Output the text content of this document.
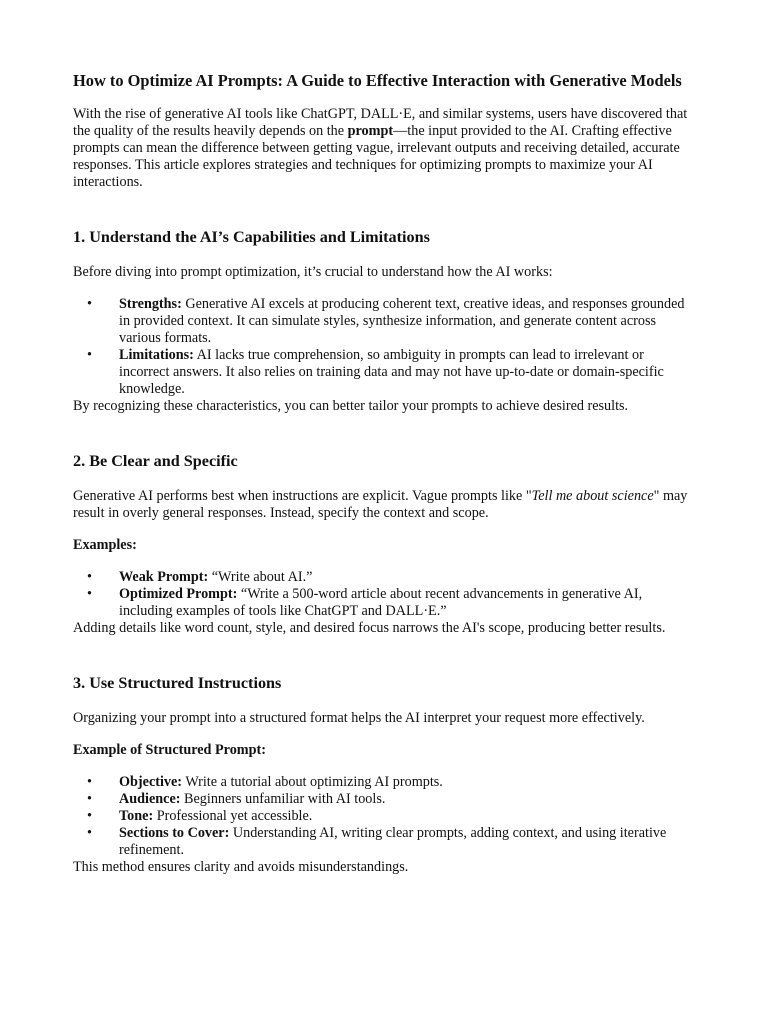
How to Optimize AI Prompts: A Guide to Effective Interaction with Generative Models

With the rise of generative AI tools like ChatGPT, DALL·E, and similar systems, users have discovered that the quality of the results heavily depends on the prompt—the input provided to the AI. Crafting effective prompts can mean the difference between getting vague, irrelevant outputs and receiving detailed, accurate responses. This article explores strategies and techniques for optimizing prompts to maximize your AI interactions.

1. Understand the AI’s Capabilities and Limitations

Before diving into prompt optimization, it’s crucial to understand how the AI works:

• Strengths: Generative AI excels at producing coherent text, creative ideas, and responses grounded in provided context. It can simulate styles, synthesize information, and generate content across various formats.
• Limitations: AI lacks true comprehension, so ambiguity in prompts can lead to irrelevant or incorrect answers. It also relies on training data and may not have up-to-date or domain-specific knowledge.

By recognizing these characteristics, you can better tailor your prompts to achieve desired results.

2. Be Clear and Specific

Generative AI performs best when instructions are explicit. Vague prompts like "Tell me about science" may result in overly general responses. Instead, specify the context and scope.

Examples:

• Weak Prompt: “Write about AI.”
• Optimized Prompt: “Write a 500-word article about recent advancements in generative AI, including examples of tools like ChatGPT and DALL·E.”

Adding details like word count, style, and desired focus narrows the AI's scope, producing better results.

3. Use Structured Instructions

Organizing your prompt into a structured format helps the AI interpret your request more effectively.

Example of Structured Prompt:

• Objective: Write a tutorial about optimizing AI prompts.
• Audience: Beginners unfamiliar with AI tools.
• Tone: Professional yet accessible.
• Sections to Cover: Understanding AI, writing clear prompts, adding context, and using iterative refinement.

This method ensures clarity and avoids misunderstandings.
